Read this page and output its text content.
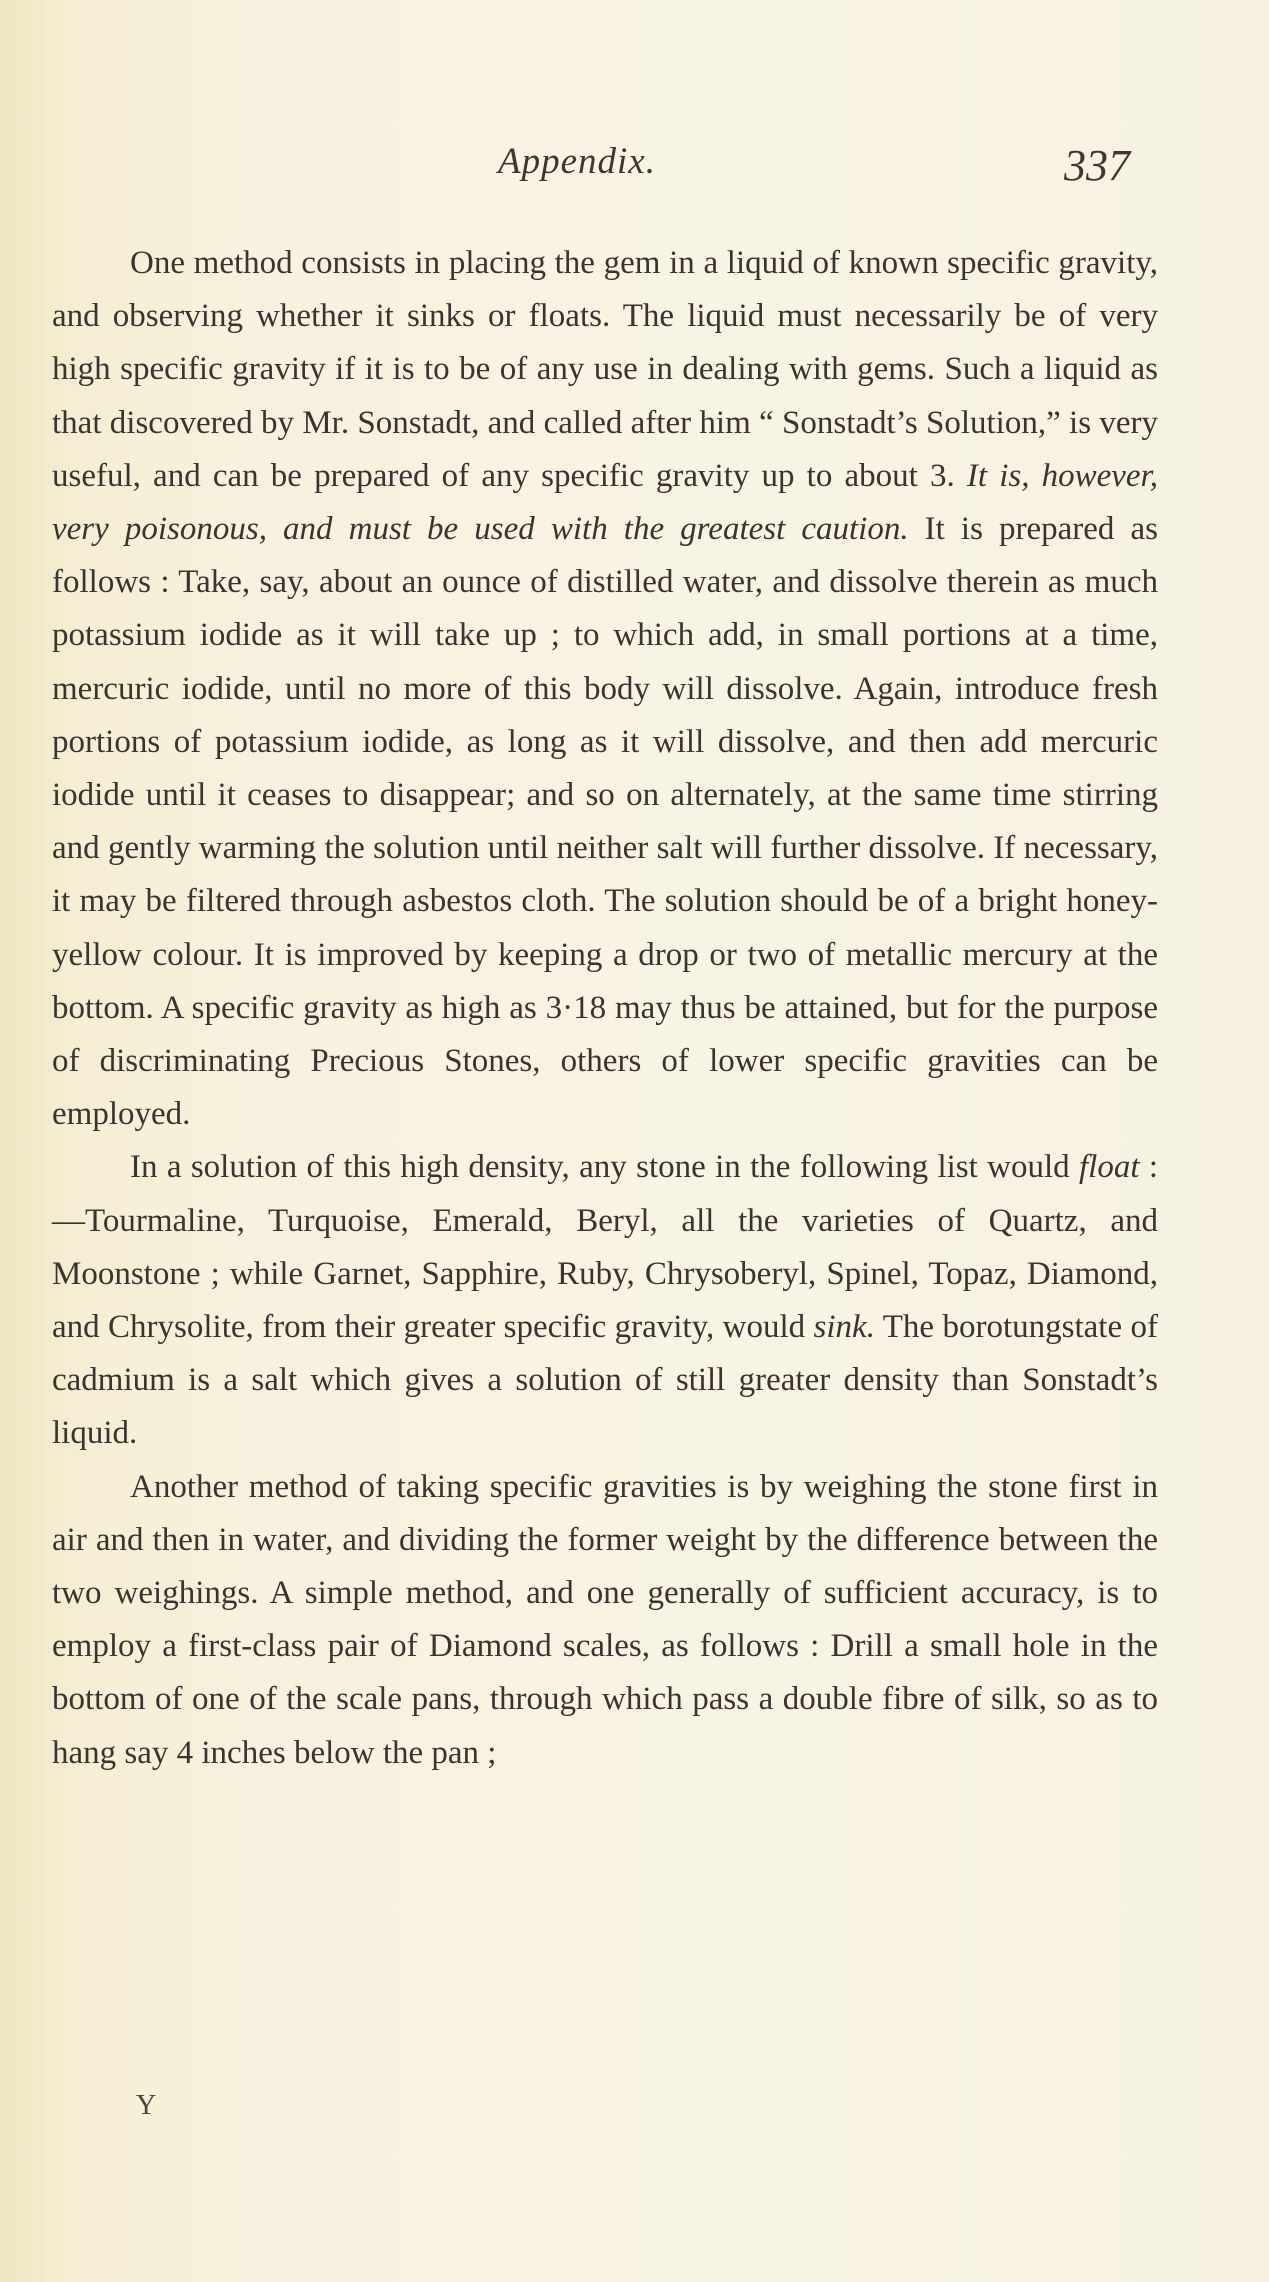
Appendix.	337

One method consists in placing the gem in a liquid of known specific gravity, and observing whether it sinks or floats. The liquid must necessarily be of very high specific gravity if it is to be of any use in dealing with gems. Such a liquid as that discovered by Mr. Sonstadt, and called after him “ Sonstadt’s Solution,” is very useful, and can be prepared of any specific gravity up to about 3. It is, however, very poisonous, and must be used with the greatest caution. It is prepared as follows : Take, say, about an ounce of distilled water, and dissolve therein as much potassium iodide as it will take up ; to which add, in small portions at a time, mercuric iodide, until no more of this body will dissolve. Again, introduce fresh portions of potassium iodide, as long as it will dissolve, and then add mercuric iodide until it ceases to disappear; and so on alternately, at the same time stirring and gently warming the solution until neither salt will further dissolve. If necessary, it may be filtered through asbestos cloth. The solution should be of a bright honey-yellow colour. It is improved by keeping a drop or two of metallic mercury at the bottom. A specific gravity as high as 3·18 may thus be attained, but for the purpose of discriminating Precious Stones, others of lower specific gravities can be employed.

In a solution of this high density, any stone in the following list would float :—Tourmaline, Turquoise, Emerald, Beryl, all the varieties of Quartz, and Moonstone ; while Garnet, Sapphire, Ruby, Chrysoberyl, Spinel, Topaz, Diamond, and Chrysolite, from their greater specific gravity, would sink. The borotungstate of cadmium is a salt which gives a solution of still greater density than Sonstadt’s liquid.

Another method of taking specific gravities is by weighing the stone first in air and then in water, and dividing the former weight by the difference between the two weighings. A simple method, and one generally of sufficient accuracy, is to employ a first-class pair of Diamond scales, as follows : Drill a small hole in the bottom of one of the scale pans, through which pass a double fibre of silk, so as to hang say 4 inches below the pan ;

Y
